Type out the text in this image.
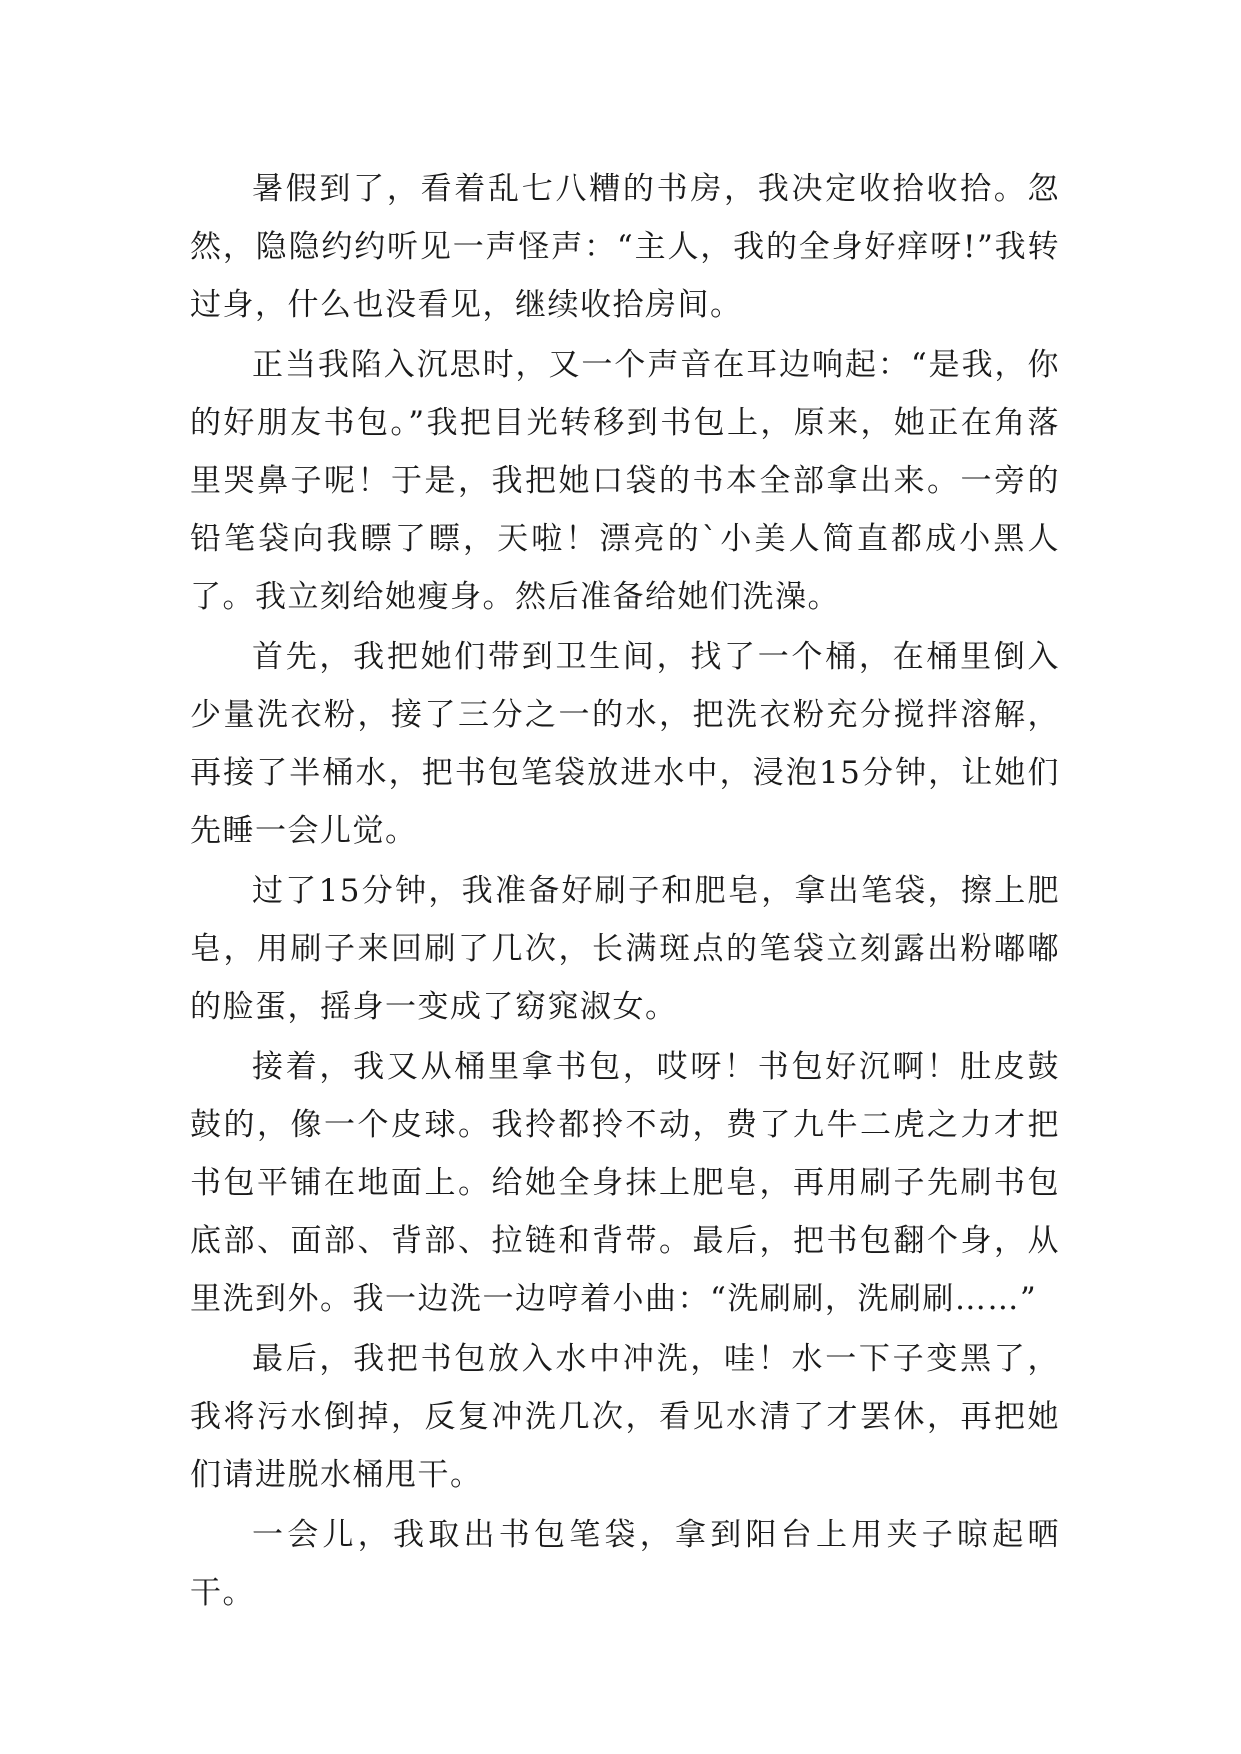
暑假到了，看着乱七八糟的书房，我决定收拾收拾。忽然，隐隐约约听见一声怪声：“主人，我的全身好痒呀!”我转过身，什么也没看见，继续收拾房间。

正当我陷入沉思时，又一个声音在耳边响起：“是我，你的好朋友书包。”我把目光转移到书包上，原来，她正在角落里哭鼻子呢！于是，我把她口袋的书本全部拿出来。一旁的铅笔袋向我瞟了瞟，天啦！漂亮的`小美人简直都成小黑人了。我立刻给她瘦身。然后准备给她们洗澡。

首先，我把她们带到卫生间，找了一个桶，在桶里倒入少量洗衣粉，接了三分之一的水，把洗衣粉充分搅拌溶解，再接了半桶水，把书包笔袋放进水中，浸泡15分钟，让她们先睡一会儿觉。

过了15分钟，我准备好刷子和肥皂，拿出笔袋，擦上肥皂，用刷子来回刷了几次，长满斑点的笔袋立刻露出粉嘟嘟的脸蛋，摇身一变成了窈窕淑女。

接着，我又从桶里拿书包，哎呀！书包好沉啊！肚皮鼓鼓的，像一个皮球。我拎都拎不动，费了九牛二虎之力才把书包平铺在地面上。给她全身抹上肥皂，再用刷子先刷书包底部、面部、背部、拉链和背带。最后，把书包翻个身，从里洗到外。我一边洗一边哼着小曲：“洗刷刷，洗刷刷……”

最后，我把书包放入水中冲洗，哇！水一下子变黑了，我将污水倒掉，反复冲洗几次，看见水清了才罢休，再把她们请进脱水桶甩干。

一会儿，我取出书包笔袋，拿到阳台上用夹子晾起晒干。
